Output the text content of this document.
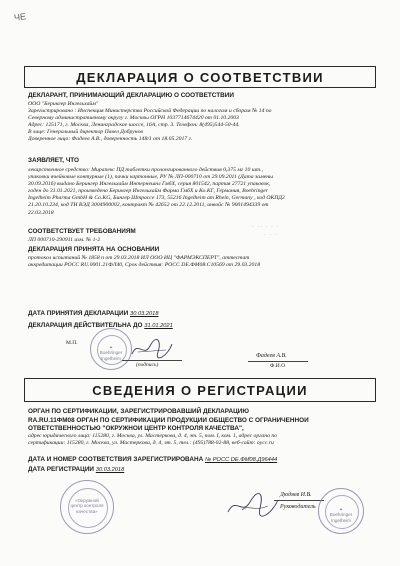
ЧЕ
ДЕКЛАРАЦИЯ О СООТВЕТСТВИИ
ДЕКЛАРАНТ, ПРИНИМАЮЩИЙ ДЕКЛАРАЦИЮ О СООТВЕТСТВИИ
ООО "Берингер Ингельхайм"
Зарегистрировано : Инспекция Министерства Российской Федерации по налогам и сборам № 14 по
Северному административному округу г. Москвы ОГРН 1037714674420 от 01.10.2003
Адрес: 125171, г. Москва, Ленинградское шоссе, 16А, стр. 3. Телефон: 8(495)544-50-44.
В лице: Генеральный директор Павел Добрунов
Доверенное лицо: Фадеев А.В., доверенность 148/1 от 18.05.2017 г.
ЗАЯВЛЯЕТ, ЧТО
лекарственное средство: Мирапекс ПД таблетки пролонгированного действия 0,375 мг 10 шт.,
упаковки ячейковые контурные (1), пачки картонные, РУ № ЛП-000710 от 29.09.2011 (Дата замены
30.09.2016) выдано Берингер Ингельхайм Интернешнл ГмбХ, серия 801542, партия 27721 упаковок,
годен до 31.01.2021, произведено Берингер Ингельхайм Фарма ГмбХ и Ко.КГ, Германия, Boehringer
Ingelheim Pharma GmbH & Co.KG, Бингер Штрассе 173, 55216 Ingelheim am Rhein, Germany , код ОКПД2
21.20.10.234, код ТН ВЭД 3004900002, контракт № 42652 от 22.12.2011, инвойс № 9001494339 от
22.03.2018
СООТВЕТСТВУЕТ ТРЕБОВАНИЯМ
ЛП 000710-290911 изм. № 1-2
ДЕКЛАРАЦИЯ ПРИНЯТА НА ОСНОВАНИИ
протокол испытаний № 1858 п от 29.03.2018 ИЛ ООО ИЦ "ФАРМЭКСПЕРТ", аттестат
аккредитации РОСС RU.0001.21ФЛ40, Срок действия: РОСС DE.ФМ08.С10569 от 29.03.2018
· ·· · · ·
· · ·
ДАТА ПРИНЯТИЯ ДЕКЛАРАЦИИ 30.03.2018
ДЕКЛАРАЦИЯ ДЕЙСТВИТЕЛЬНА ДО 31.01.2021
М.П.
✦
Boehringer
Ingelheim
(подпись)
Фадеев А.В.
Ф.И.О
СВЕДЕНИЯ О РЕГИСТРАЦИИ
ОРГАН ПО СЕРТИФИКАЦИИ, ЗАРЕГИСТРИРОВАВШИЙ ДЕКЛАРАЦИЮ
RA.RU.11ФМ08 ОРГАН ПО СЕРТИФИКАЦИИ ПРОДУКЦИИ ОБЩЕСТВО С ОГРАНИЧЕННОЙ
ОТВЕТСТВЕННОСТЬЮ "ОКРУЖНОЙ ЦЕНТР КОНТРОЛЯ КАЧЕСТВА",
адрес юридического лица: 115280, г. Москва, ул. Мастеркова, д. 4, эт. 5, пом. I, ком. 1, адрес органа по
сертификации: 115280, г. Москва, ул. Мастеркова, д. 4, эт. 5, тел.: (495)788-02-88, веб-сайт: oycc.ru
ДАТА И НОМЕР СООТВЕТСТВИЯ ЗАРЕГИСТРИРОВАНА № РОСС DE.ФМ08.Д96444
ДАТА РЕГИСТРАЦИИ 30.03.2018
«Окружной
центр контроля
качества»
Дюдяев И.В.
Руководитель	✦
Boehringer
Ingelheim
